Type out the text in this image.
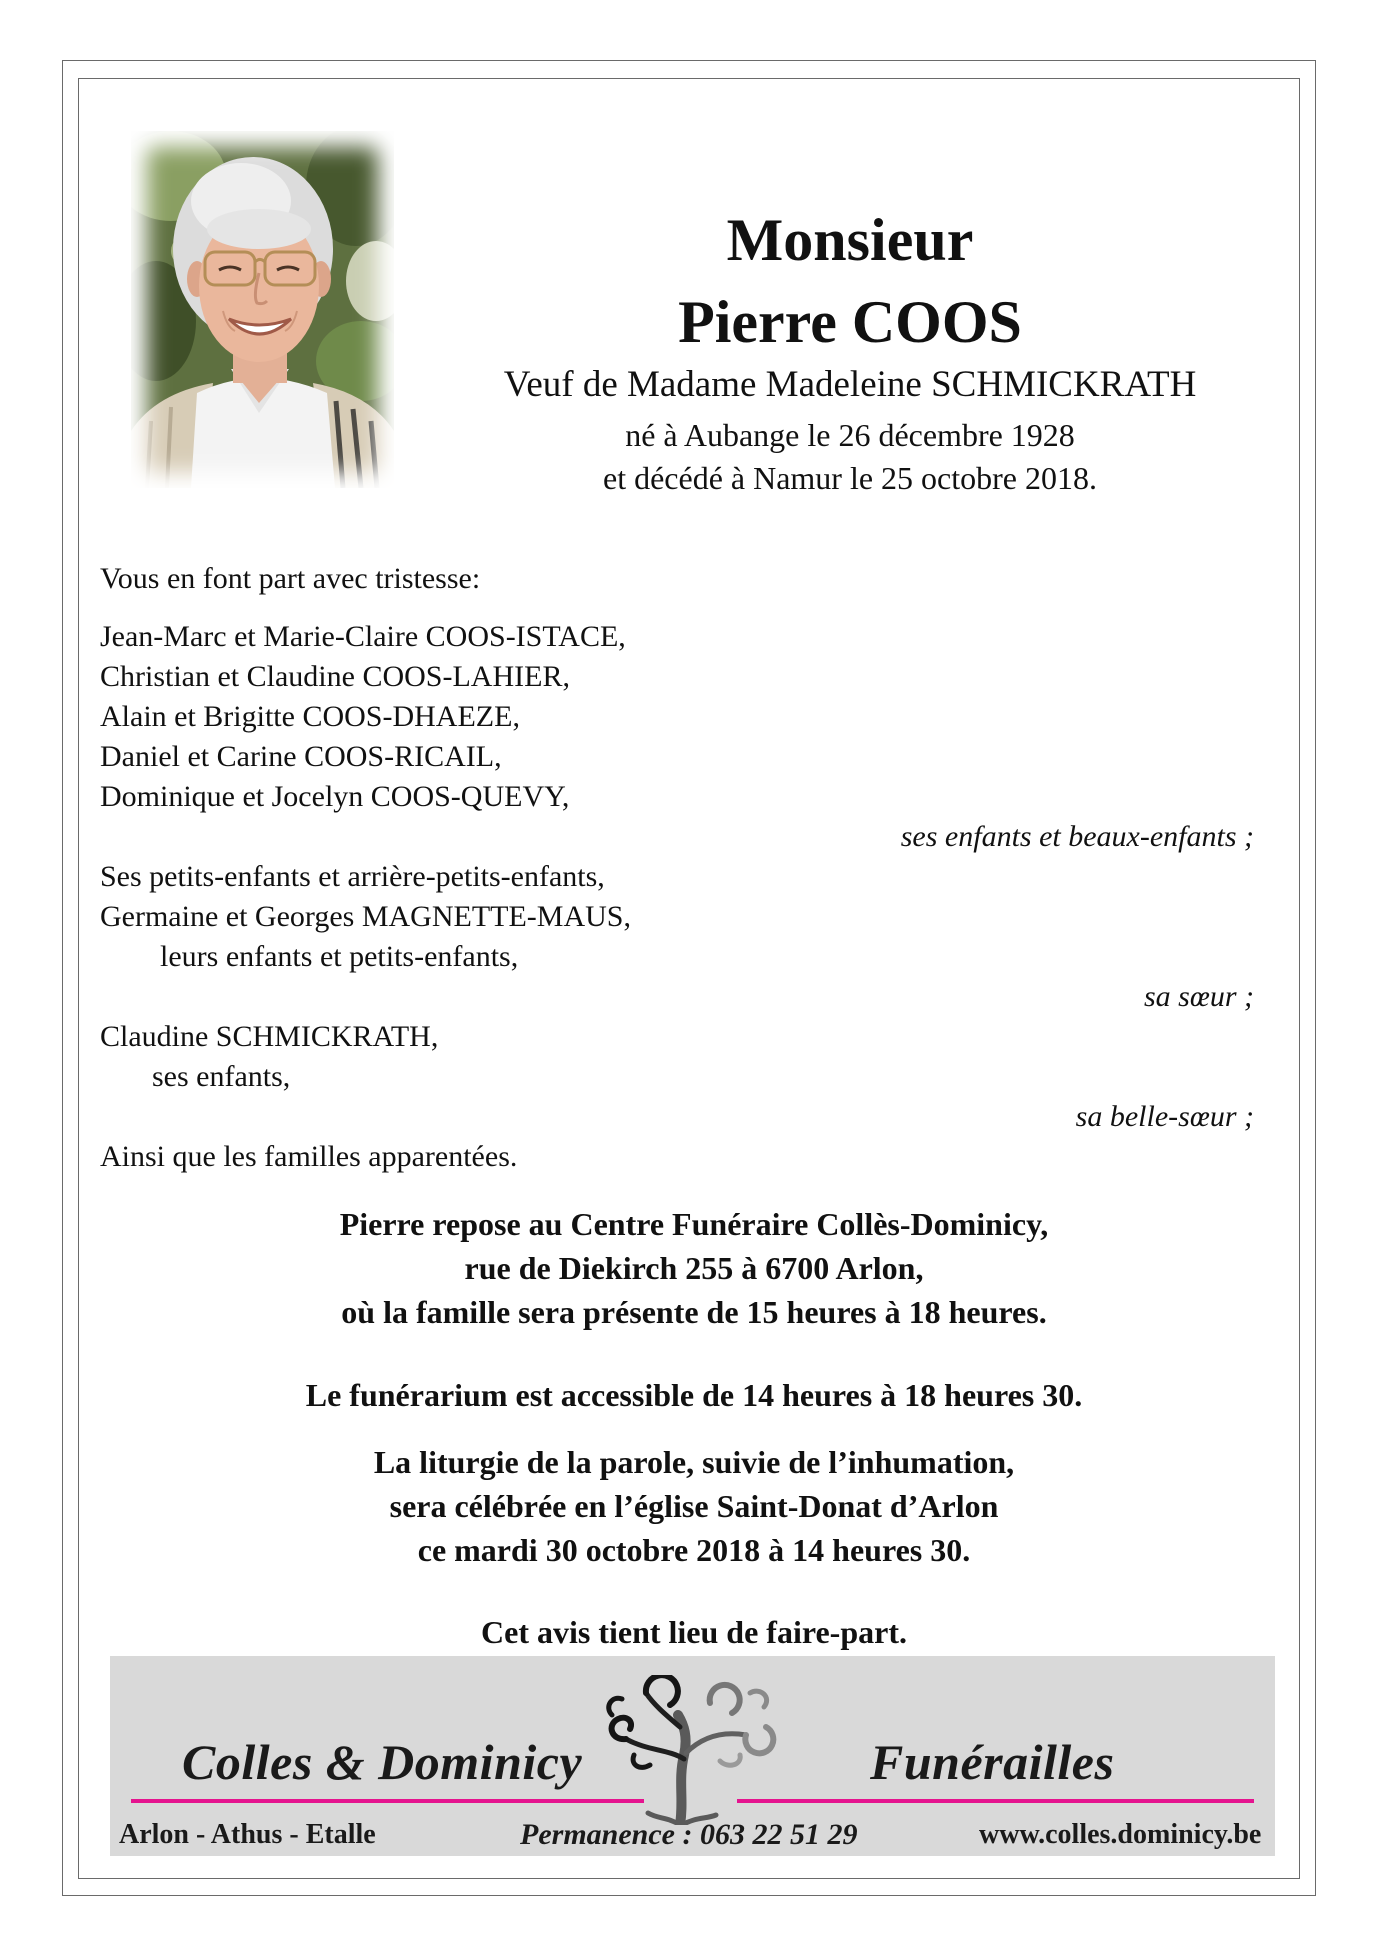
Monsieur
Pierre COOS
Veuf de Madame Madeleine SCHMICKRATH
né à Aubange le 26 décembre 1928
et décédé à Namur le 25 octobre 2018.
Vous en font part avec tristesse:
Jean-Marc et Marie-Claire COOS-ISTACE,
Christian et Claudine COOS-LAHIER,
Alain et Brigitte COOS-DHAEZE,
Daniel et Carine COOS-RICAIL,
Dominique et Jocelyn COOS-QUEVY,
ses enfants et beaux-enfants ;
Ses petits-enfants et arrière-petits-enfants,
Germaine et Georges MAGNETTE-MAUS,
leurs enfants et petits-enfants,
sa sœur ;
Claudine SCHMICKRATH,
ses enfants,
sa belle-sœur ;
Ainsi que les familles apparentées.
Pierre repose au Centre Funéraire Collès-Dominicy,
rue de Diekirch 255 à 6700 Arlon,
où la famille sera présente de 15 heures à 18 heures.
Le funérarium est accessible de 14 heures à 18 heures 30.
La liturgie de la parole, suivie de l’inhumation,
sera célébrée en l’église Saint-Donat d’Arlon
ce mardi 30 octobre 2018 à 14 heures 30.
Cet avis tient lieu de faire-part.
Colles & Dominicy	Funérailles
Arlon - Athus - Etalle	Permanence : 063 22 51 29	www.colles.dominicy.be
